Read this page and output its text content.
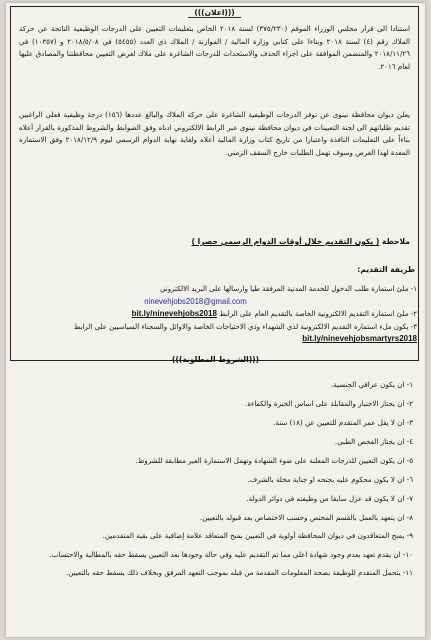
(((اعلان)))
استنادا الى قرار مجلس الوزراء الموقم (٣٧٥/٢٣٠) لسنة ٢٠١٨ الخاص بتعليمات التعيين على الدرجات الوظيفية الناتجة عن حركة الملاك رقم (٤) لسنة ٢٠١٨ وبناءا على كتابي وزارة المالية / الموازنة / الملاك ذي العدد (٥٤٥٥) في ٢٠١٨/٥/٠٨ و (١٠٣٥٧) في ٢٠١٨/١١/٢٦ والمتضمن الموافقة على اجراء الحذف والاستحداث للدرجات الشاغرة على ملاك لغرض التعيين محافظتنا والمصادق عليها لعام ٢٠١٦.
يعلن ديوان محافظة نينوى عن توفر الدرجات الوظيفية الشاغرة على حركة الملاك والبالغ عددها (١٥٦) درجة وظيفية فعلى الراغبين تقديم طلباتهم الى لجنة التعيينات في ديوان محافظة نينوى عبر الرابط الالكتروني ادناه وفق الضوابط والشروط المذكورة بالقرار أعلاه بناءاً على التعليمات النافذة واعتبارا من تاريخ كتاب وزارة المالية أعلاه ولغاية نهاية الدوام الرسمي ليوم ٢٠١٨/١٢/٩ وفق الاستمارة المعدة لهذا الغرض وسوف تهمل الطلبات خارج السقف الزمني.
ملاحظة ( يكون التقديم خلال أوقات الدوام الرسمي حصرا )
طريقة التقديم:
١- ملئ استمارة طلب الدخول للخدمة المدنية المرفقة طيا وارسالها على البريد الالكتروني
ninevehjobs2018@gmail.com
٢- ملئ استمارة التقديم الالكترونية الخاصة بالتقديم العام على الرابط bit.ly/ninevehjobs2018
٣- يكون ملء استمارة التقديم الالكترونية لذي الشهداء وذي الاحتياجات الخاصة والاوائل والسجناء السياسيين على الرابط
bit.ly/ninevehjobsmartyrs2018
(((الشروط المطلوبة)))
١- ان يكون عراقي الجنسية.
٢- ان يجتاز الاختبار والمقابلة على اساس الخبرة والكفاءة.
٣- ان لا يقل عمر المتقدم للتعيين عن (١٨) سنة.
٤- ان يجتاز الفحص الطبي.
٥- ان يكون التعيين للدرجات المعلنة على ضوء الشهادة وتهمل الاستمارة الغير مطابقة للشروط.
٦- ان لا يكون محكوم عليه بجنحه او جناية مخلة بالشرف.
٧- ان لا يكون قد عزل سابقا من وظيفته في دوائر الدولة.
٨- ان يتعهد بالعمل بالقسم المختص وحسب الاختصاص بعد قبوله بالتعيين.
٩- يمنح المتعاقدون في ديوان المحافظة أولوية في التعيين بمنح المتعاقد علامة إضافية على بقية المتقدمين.
١٠- ان يقدم تعهد بعدم وجود شهادة اعلى مما تم التقديم عليه وفي حالة وجودها بعد التعيين يسقط حقه بالمطالبة والاحتساب.
١١- يتحمل المتقدم للوظيفة بصحة المعلومات المقدمة من قبله بموجب التعهد المرفق وبخلاف ذلك يسقط حقه بالتعيين.
